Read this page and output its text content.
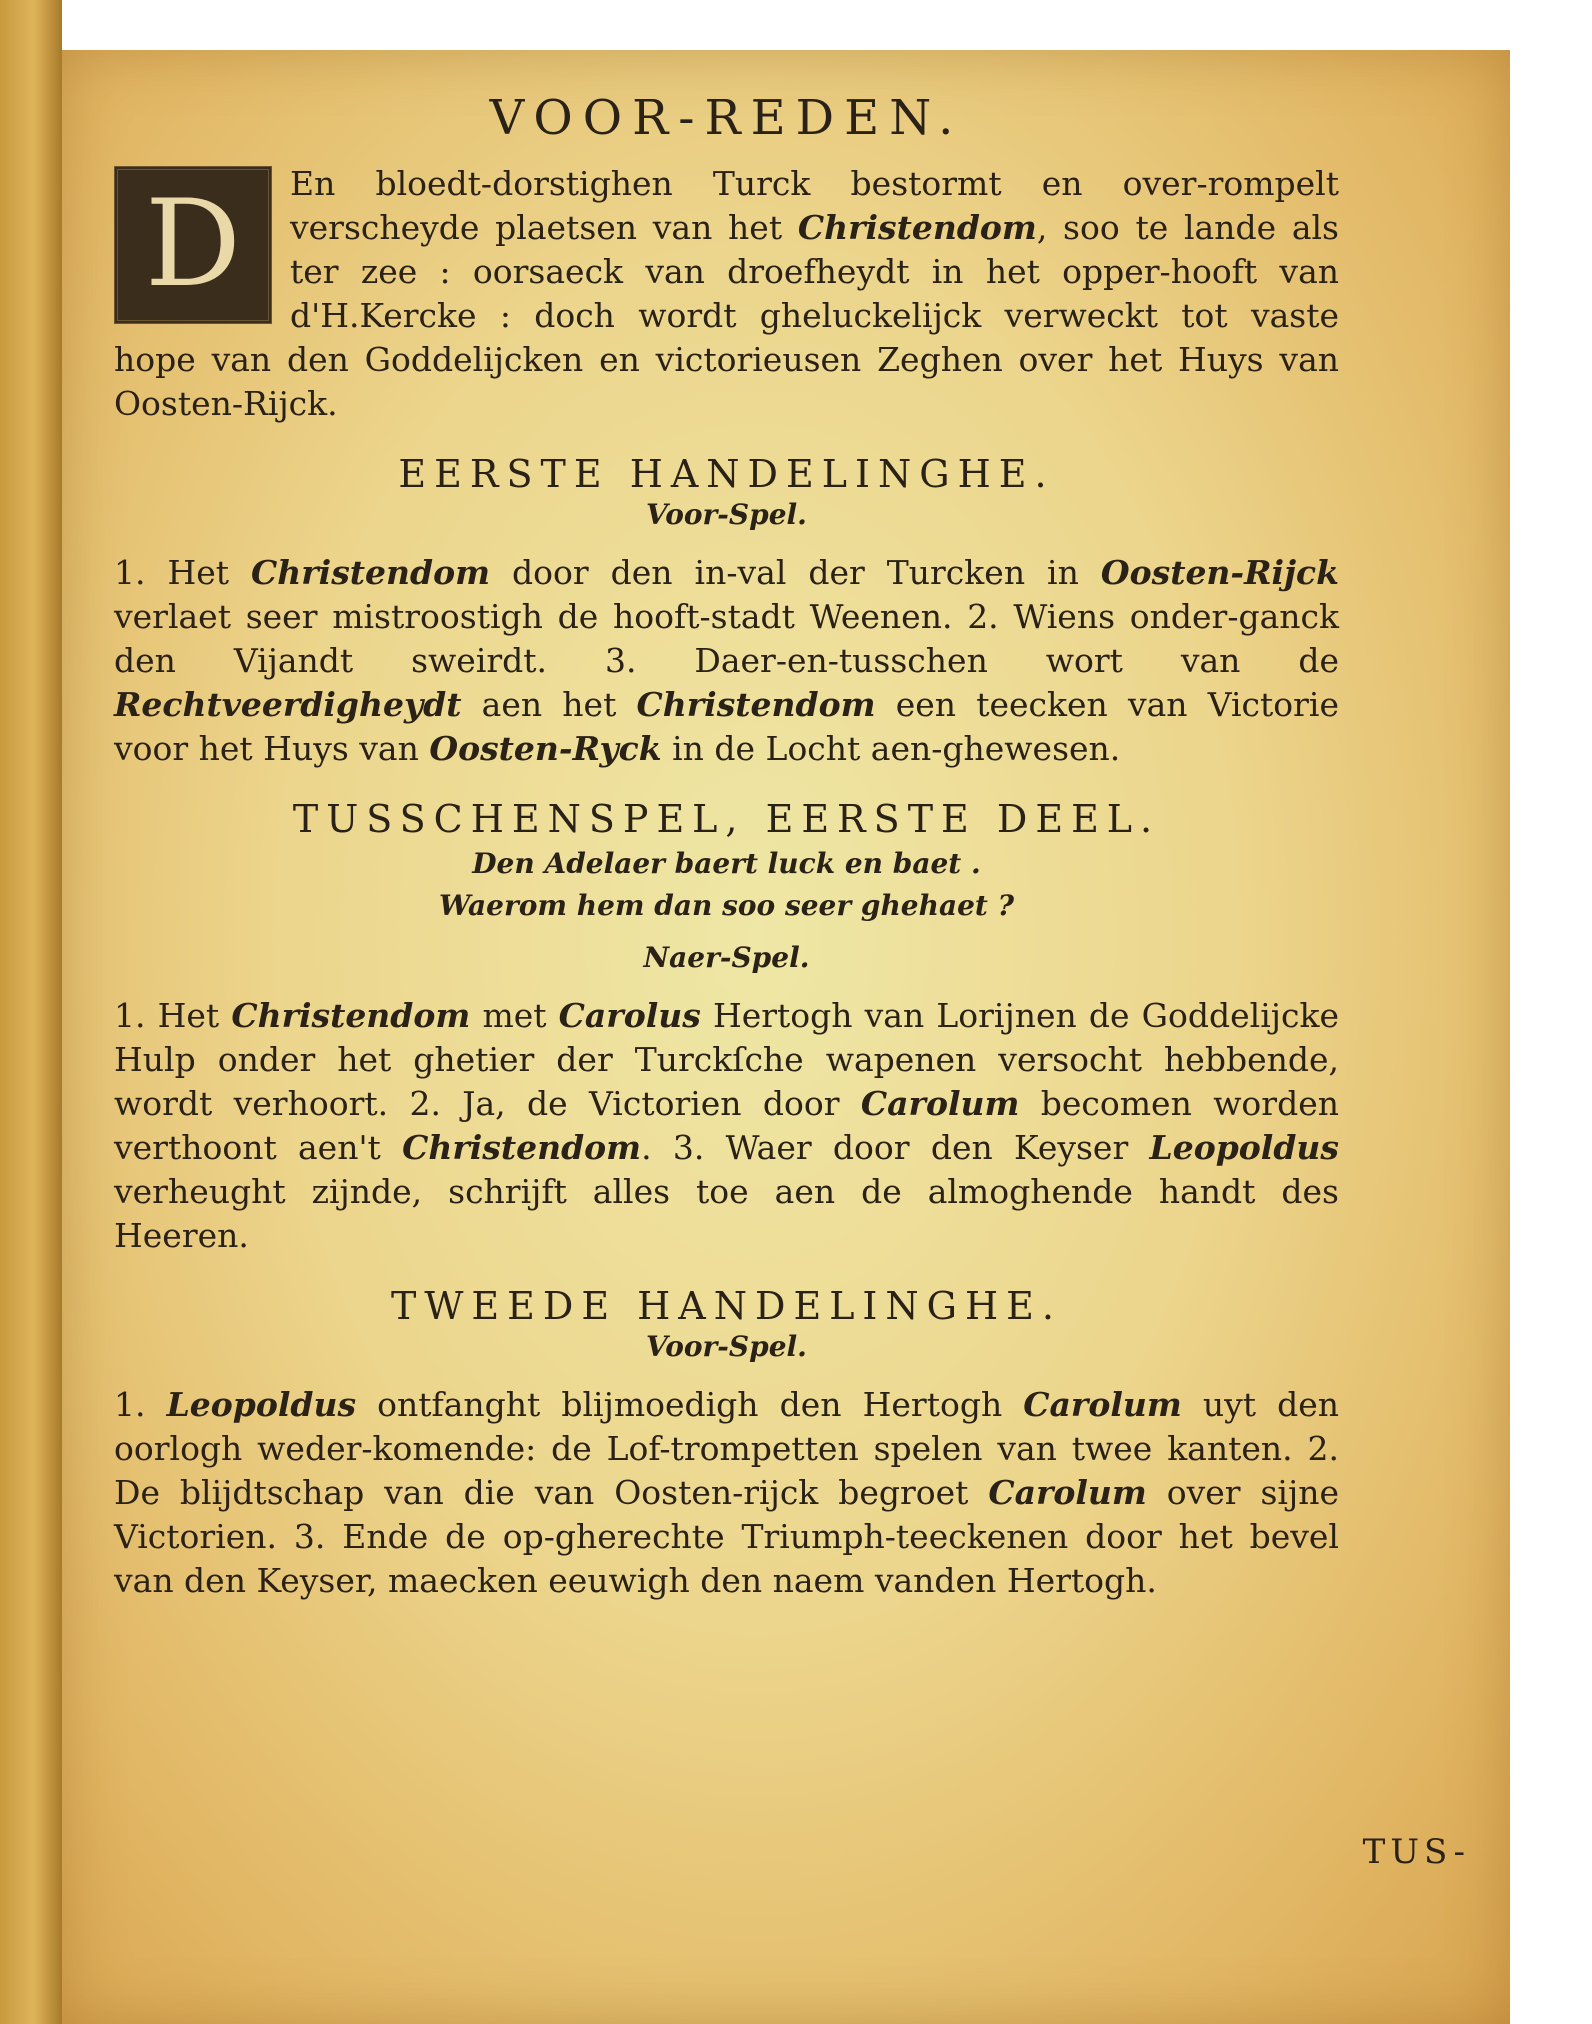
VOOR-REDEN.
D	En bloedt-dorstighen Turck bestormt en over-rompelt verscheyde plaetsen van het Christendom, soo te lande als ter zee : oorsaeck van droefheydt in het opper-hooft van d'H.Kercke : doch wordt gheluckelijck verweckt tot vaste hope van den Goddelijcken en victorieusen Zeghen over het Huys van Oosten-Rijck.

EERSTE HANDELINGHE.
Voor-Spel.

1. Het Christendom door den in-val der Turcken in Oosten-Rijck verlaet seer mistroostigh de hooft-stadt Weenen. 2. Wiens onder-ganck den Vijandt sweirdt. 3. Daer-en-tusschen wort van de Rechtveerdigheydt aen het Christendom een teecken van Victorie voor het Huys van Oosten-Ryck in de Locht aen-ghewesen.

TUSSCHENSPEL, EERSTE DEEL.
Den Adelaer baert luck en baet .
Waerom hem dan soo seer ghehaet ?
Naer-Spel.

1. Het Christendom met Carolus Hertogh van Lorijnen de Goddelijcke Hulp onder het ghetier der Turckſche wapenen versocht hebbende, wordt verhoort. 2. Ja, de Victorien door Carolum becomen worden verthoont aen't Christendom. 3. Waer door den Keyser Leopoldus verheught zijnde, schrijft alles toe aen de almoghende handt des Heeren.

TWEEDE HANDELINGHE.
Voor-Spel.

1. Leopoldus ontfanght blijmoedigh den Hertogh Carolum uyt den oorlogh weder-komende: de Lof-trompetten spelen van twee kanten. 2. De blijdtschap van die van Oosten-rijck begroet Carolum over sijne Victorien. 3. Ende de op-gherechte Triumph-teeckenen door het bevel van den Keyser, maecken eeuwigh den naem vanden Hertogh.

TUS-
